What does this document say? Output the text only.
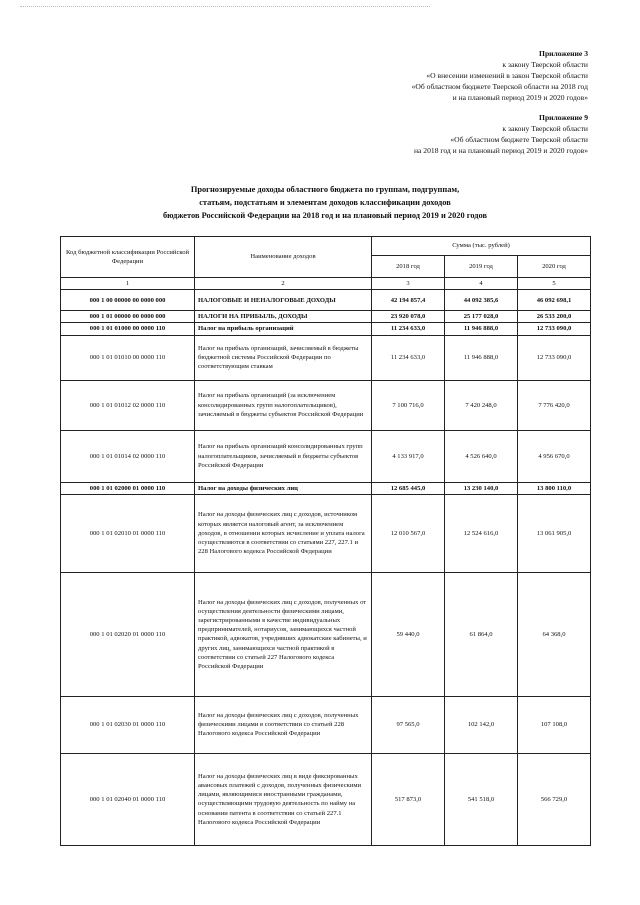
Приложение 3
к закону Тверской области
«О внесении изменений в закон Тверской области
«Об областном бюджете Тверской области на 2018 год
и на плановый период 2019 и 2020 годов»
Приложение 9
к закону Тверской области
«Об областном бюджете Тверской области
на 2018 год и на плановый период 2019 и 2020 годов»
Прогнозируемые доходы областного бюджета по группам, подгруппам,
статьям, подстатьям и элементам доходов классификации доходов
бюджетов Российской Федерации на 2018 год и на плановый период 2019 и 2020 годов
Код бюджетной классификации Российской Федерации	Наименование доходов	Сумма (тыс. рублей)		
		2018 год	2019 год	2020 год
1	2	3	4	5
000 1 00 00000 00 0000 000	НАЛОГОВЫЕ И НЕНАЛОГОВЫЕ ДОХОДЫ	42 194 857,4	44 092 385,6	46 092 698,1
000 1 01 00000 00 0000 000	НАЛОГИ НА ПРИБЫЛЬ, ДОХОДЫ	23 920 078,0	25 177 028,0	26 533 200,0
000 1 01 01000 00 0000 110	Налог на прибыль организаций	11 234 633,0	11 946 888,0	12 733 090,0
000 1 01 01010 00 0000 110	Налог на прибыль организаций, зачисляемый в бюджеты бюджетной системы Российской Федерации по соответствующим ставкам	11 234 633,0	11 946 888,0	12 733 090,0
000 1 01 01012 02 0000 110	Налог на прибыль организаций (за исключением консолидированных групп налогоплательщиков), зачисляемый в бюджеты субъектов Российской Федерации	7 100 716,0	7 420 248,0	7 776 420,0
000 1 01 01014 02 0000 110	Налог на прибыль организаций консолидированных групп налогоплательщиков, зачисляемый в бюджеты субъектов Российской Федерации	4 133 917,0	4 526 640,0	4 956 670,0
000 1 01 02000 01 0000 110	Налог на доходы физических лиц	12 685 445,0	13 230 140,0	13 800 110,0
000 1 01 02010 01 0000 110	Налог на доходы физических лиц с доходов, источником которых является налоговый агент, за исключением доходов, в отношении которых исчисление и уплата налога осуществляются в соответствии со статьями 227, 227.1 и 228 Налогового кодекса Российской Федерации	12 010 567,0	12 524 616,0	13 061 905,0
000 1 01 02020 01 0000 110	Налог на доходы физических лиц с доходов, полученных от осуществления деятельности физическими лицами, зарегистрированными в качестве индивидуальных предпринимателей, нотариусов, занимающихся частной практикой, адвокатов, учредивших адвокатские кабинеты, и других лиц, занимающихся частной практикой в соответствии со статьей 227 Налогового кодекса Российской Федерации	59 440,0	61 864,0	64 368,0
000 1 01 02030 01 0000 110	Налог на доходы физических лиц с доходов, полученных физическими лицами в соответствии со статьей 228 Налогового кодекса Российской Федерации	97 565,0	102 142,0	107 108,0
000 1 01 02040 01 0000 110	Налог на доходы физических лиц в виде фиксированных авансовых платежей с доходов, полученных физическими лицами, являющимися иностранными гражданами, осуществляющими трудовую деятельность по найму на основании патента в соответствии со статьей 227.1 Налогового кодекса Российской Федерации	517 873,0	541 518,0	566 729,0
